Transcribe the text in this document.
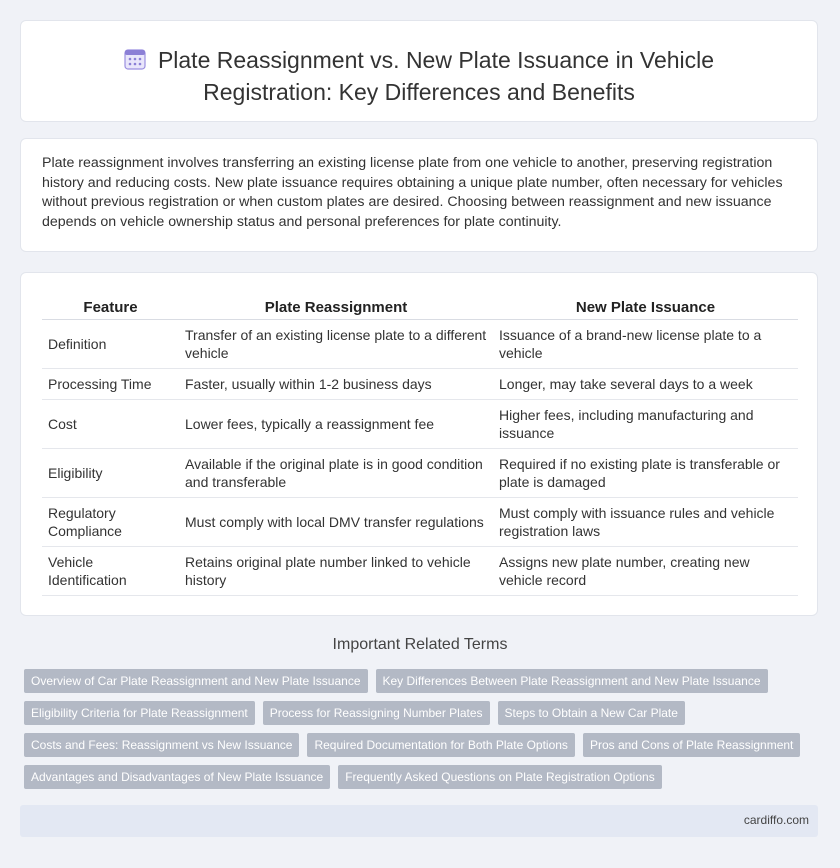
Plate Reassignment vs. New Plate Issuance in Vehicle
Registration: Key Differences and Benefits

Plate reassignment involves transferring an existing license plate from one vehicle to another, preserving registration history and reducing costs. New plate issuance requires obtaining a unique plate number, often necessary for vehicles without previous registration or when custom plates are desired. Choosing between reassignment and new issuance depends on vehicle ownership status and personal preferences for plate continuity.

Feature	Plate Reassignment	New Plate Issuance
Definition	Transfer of an existing license plate to a different vehicle	Issuance of a brand-new license plate to a vehicle
Processing Time	Faster, usually within 1-2 business days	Longer, may take several days to a week
Cost	Lower fees, typically a reassignment fee	Higher fees, including manufacturing and issuance
Eligibility	Available if the original plate is in good condition and transferable	Required if no existing plate is transferable or plate is damaged
Regulatory Compliance	Must comply with local DMV transfer regulations	Must comply with issuance rules and vehicle registration laws
Vehicle Identification	Retains original plate number linked to vehicle history	Assigns new plate number, creating new vehicle record
Important Related Terms
Overview of Car Plate Reassignment and New Plate Issuance	Key Differences Between Plate Reassignment and New Plate Issuance
Eligibility Criteria for Plate Reassignment	Process for Reassigning Number Plates	Steps to Obtain a New Car Plate
Costs and Fees: Reassignment vs New Issuance	Required Documentation for Both Plate Options	Pros and Cons of Plate Reassignment
Advantages and Disadvantages of New Plate Issuance	Frequently Asked Questions on Plate Registration Options
cardiffo.com
